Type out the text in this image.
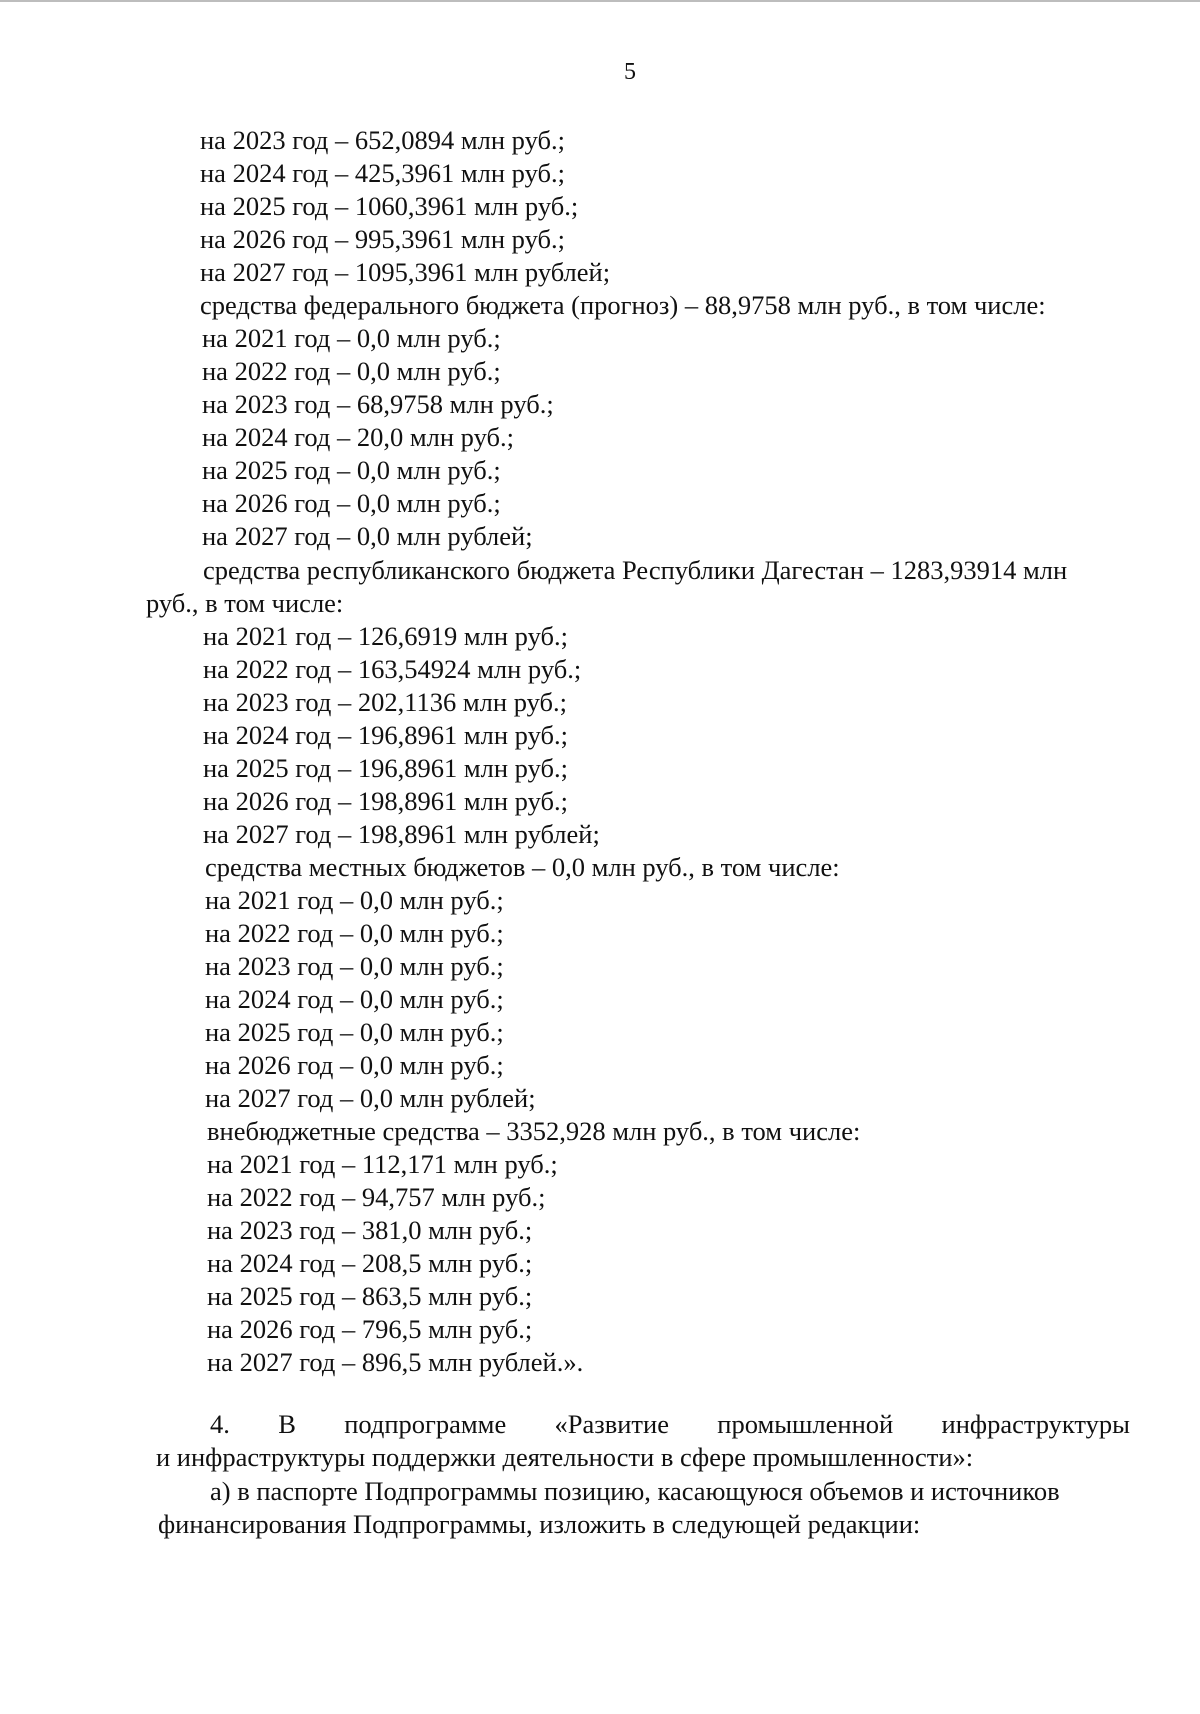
5
на 2023 год – 652,0894 млн руб.;
на 2024 год – 425,3961 млн руб.;
на 2025 год – 1060,3961 млн руб.;
на 2026 год – 995,3961 млн руб.;
на 2027 год – 1095,3961 млн рублей;
средства федерального бюджета (прогноз) – 88,9758 млн руб., в том числе:
на 2021 год – 0,0 млн руб.;
на 2022 год – 0,0 млн руб.;
на 2023 год – 68,9758 млн руб.;
на 2024 год – 20,0 млн руб.;
на 2025 год – 0,0 млн руб.;
на 2026 год – 0,0 млн руб.;
на 2027 год – 0,0 млн рублей;
средства республиканского бюджета Республики Дагестан – 1283,93914 млн
руб., в том числе:
на 2021 год – 126,6919 млн руб.;
на 2022 год – 163,54924 млн руб.;
на 2023 год – 202,1136 млн руб.;
на 2024 год – 196,8961 млн руб.;
на 2025 год – 196,8961 млн руб.;
на 2026 год – 198,8961 млн руб.;
на 2027 год – 198,8961 млн рублей;
средства местных бюджетов – 0,0 млн руб., в том числе:
на 2021 год – 0,0 млн руб.;
на 2022 год – 0,0 млн руб.;
на 2023 год – 0,0 млн руб.;
на 2024 год – 0,0 млн руб.;
на 2025 год – 0,0 млн руб.;
на 2026 год – 0,0 млн руб.;
на 2027 год – 0,0 млн рублей;
внебюджетные средства – 3352,928 млн руб., в том числе:
на 2021 год – 112,171 млн руб.;
на 2022 год – 94,757 млн руб.;
на 2023 год – 381,0 млн руб.;
на 2024 год – 208,5 млн руб.;
на 2025 год – 863,5 млн руб.;
на 2026 год – 796,5 млн руб.;
на 2027 год – 896,5 млн рублей.».
4. В подпрограмме «Развитие промышленной инфраструктуры
и инфраструктуры поддержки деятельности в сфере промышленности»:
а) в паспорте Подпрограммы позицию, касающуюся объемов и источников
финансирования Подпрограммы, изложить в следующей редакции:
